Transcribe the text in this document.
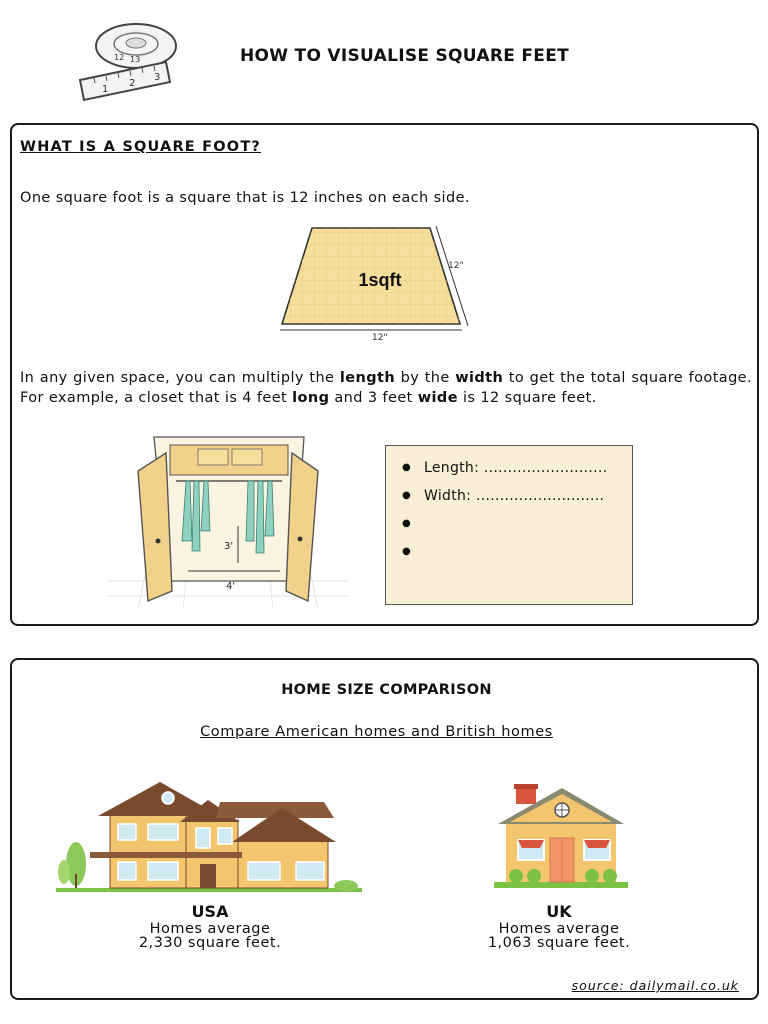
1
2
3
12 13	HOW TO VISUALISE SQUARE FEET
WHAT IS A SQUARE FOOT?
One square foot is a square that is 12 inches on each side.
1sqft
12"
12"
In any given space, you can multiply the length by the width to get the total square footage. For example, a closet that is 4 feet long and 3 feet wide is 12 square feet.
3'
4'
● Length: ..........................
● Width: ...........................
●
●
HOME SIZE COMPARISON
Compare American homes and British homes
USA
Homes average
2,330 square feet.
UK
Homes average
1,063 square feet.
source: dailymail.co.uk
